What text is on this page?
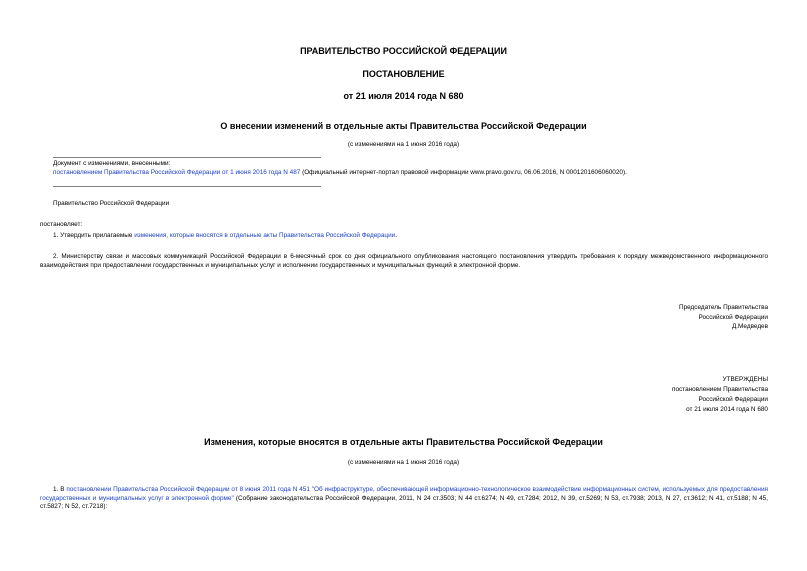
ПРАВИТЕЛЬСТВО РОССИЙСКОЙ ФЕДЕРАЦИИ
ПОСТАНОВЛЕНИЕ
от 21 июля 2014 года N 680
О внесении изменений в отдельные акты Правительства Российской Федерации
(с изменениями на 1 июня 2016 года)
Документ с изменениями, внесенными:
постановлением Правительства Российской Федерации от 1 июня 2016 года N 487 (Официальный интернет-портал правовой информации www.pravo.gov.ru, 06.06.2016, N 0001201606060020).
Правительство Российской Федерации
постановляет:
1. Утвердить прилагаемые изменения, которые вносятся в отдельные акты Правительства Российской Федерации.
2. Министерству связи и массовых коммуникаций Российской Федерации в 6-месячный срок со дня официального опубликования настоящего постановления утвердить требования к порядку межведомственного информационного взаимодействия при предоставлении государственных и муниципальных услуг и исполнении государственных и муниципальных функций в электронной форме.
Председатель Правительства
Российской Федерации
Д.Медведев
УТВЕРЖДЕНЫ
постановлением Правительства
Российской Федерации
от 21 июля 2014 года N 680
Изменения, которые вносятся в отдельные акты Правительства Российской Федерации
(с изменениями на 1 июня 2016 года)
1. В постановлении Правительства Российской Федерации от 8 июня 2011 года N 451 "Об инфраструктуре, обеспечивающей информационно-технологическое взаимодействие информационных систем, используемых для предоставления государственных и муниципальных услуг в электронной форме" (Собрание законодательства Российской Федерации, 2011, N 24 ст.3503; N 44 ст.6274; N 49, ст.7284; 2012, N 39, ст.5269; N 53, ст.7938; 2013, N 27, ст.3612; N 41, ст.5188; N 45, ст.5827; N 52, ст.7218):
